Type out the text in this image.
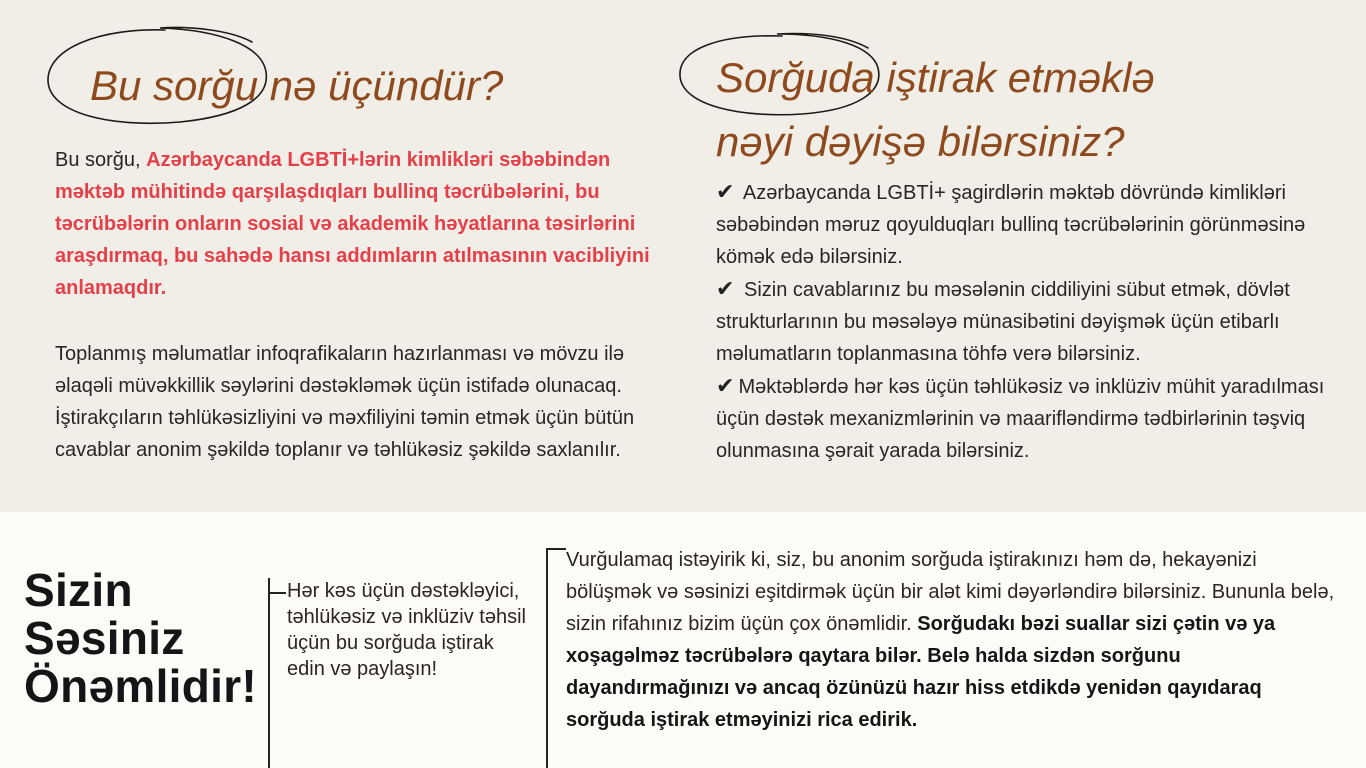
Bu sorğu nə üçündür?	Sorğuda iştirak etməklə
nəyi dəyişə bilərsiniz?

Bu sorğu, Azərbaycanda LGBTİ+lərin kimlikləri səbəbindən məktəb mühitində qarşılaşdıqları bullinq təcrübələrini, bu təcrübələrin onların sosial və akademik həyatlarına təsirlərini araşdırmaq, bu sahədə hansı addımların atılmasının vacibliyini anlamaqdır.

Toplanmış məlumatlar infoqrafikaların hazırlanması və mövzu ilə əlaqəli müvəkkillik səylərini dəstəkləmək üçün istifadə olunacaq. İştirakçıların təhlükəsizliyini və məxfiliyini təmin etmək üçün bütün cavablar anonim şəkildə toplanır və təhlükəsiz şəkildə saxlanılır.

✔ Azərbaycanda LGBTİ+ şagirdlərin məktəb dövründə kimlikləri səbəbindən məruz qoyulduqları bullinq təcrübələrinin görünməsinə kömək edə bilərsiniz.
✔ Sizin cavablarınız bu məsələnin ciddiliyini sübut etmək, dövlət strukturlarının bu məsələyə münasibətini dəyişmək üçün etibarlı məlumatların toplanmasına töhfə verə bilərsiniz.
✔ Məktəblərdə hər kəs üçün təhlükəsiz və inklüziv mühit yaradılması üçün dəstək mexanizmlərinin və maarifləndirmə tədbirlərinin təşviq olunmasına şərait yarada bilərsiniz.
Sizin
Səsiniz
Önəmlidir!

Hər kəs üçün dəstəkləyici, təhlükəsiz və inklüziv təhsil üçün bu sorğuda iştirak edin və paylaşın!

Vurğulamaq istəyirik ki, siz, bu anonim sorğuda iştirakınızı həm də, hekayənizi bölüşmək və səsinizi eşitdirmək üçün bir alət kimi dəyərləndirə bilərsiniz. Bununla belə, sizin rifahınız bizim üçün çox önəmlidir. Sorğudakı bəzi suallar sizi çətin və ya xoşagəlməz təcrübələrə qaytara bilər. Belə halda sizdən sorğunu dayandırmağınızı və ancaq özünüzü hazır hiss etdikdə yenidən qayıdaraq sorğuda iştirak etməyinizi rica edirik.
